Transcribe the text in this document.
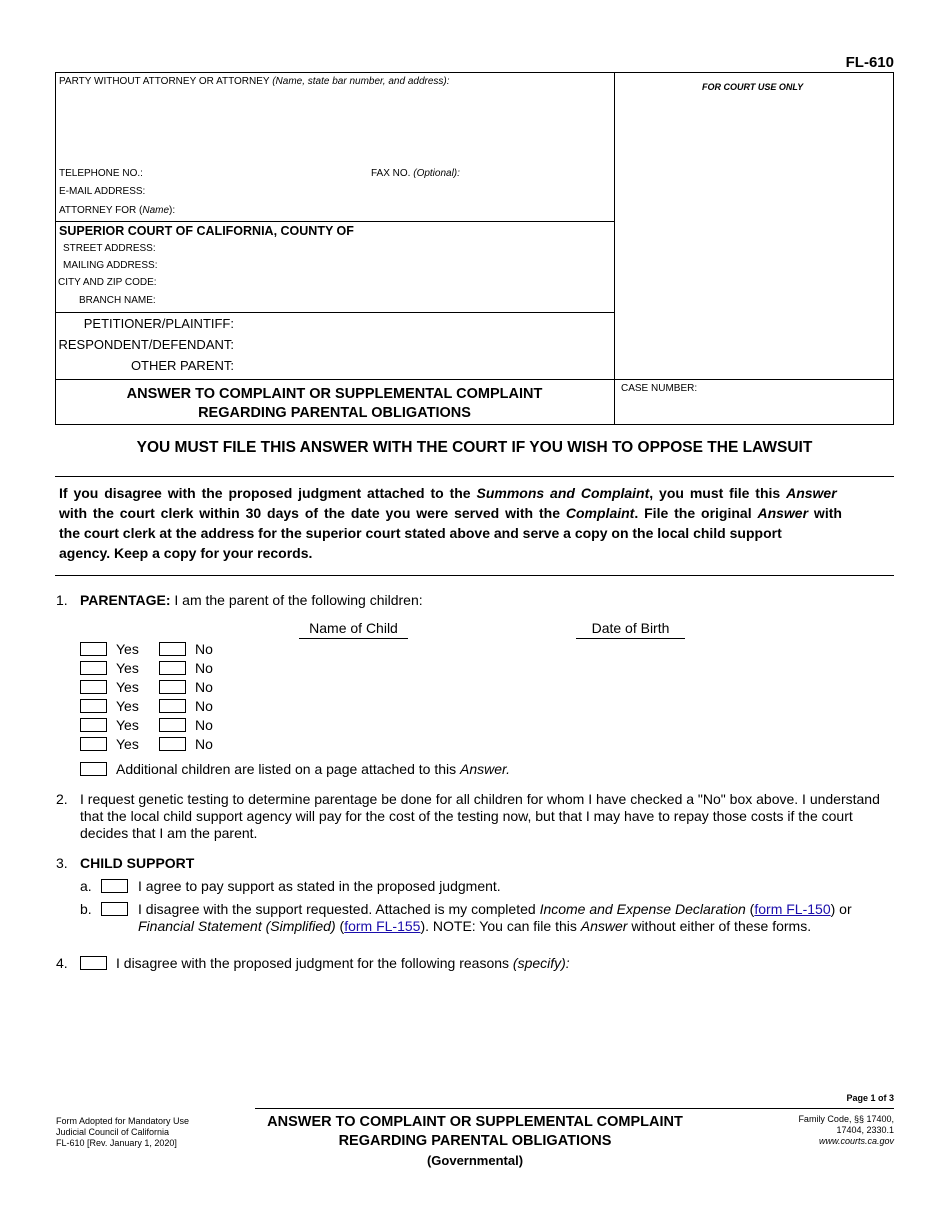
FL-610
PARTY WITHOUT ATTORNEY OR ATTORNEY (Name, state bar number, and address):	FOR COURT USE ONLY
TELEPHONE NO.:	FAX NO. (Optional):
E-MAIL ADDRESS:
ATTORNEY FOR (Name):
SUPERIOR COURT OF CALIFORNIA, COUNTY OF
STREET ADDRESS:
MAILING ADDRESS:
CITY AND ZIP CODE:
BRANCH NAME:
PETITIONER/PLAINTIFF:
RESPONDENT/DEFENDANT:
OTHER PARENT:
ANSWER TO COMPLAINT OR SUPPLEMENTAL COMPLAINT
REGARDING PARENTAL OBLIGATIONS
CASE NUMBER:
YOU MUST FILE THIS ANSWER WITH THE COURT IF YOU WISH TO OPPOSE THE LAWSUIT
If you disagree with the proposed judgment attached to the Summons and Complaint, you must file this Answer
with the court clerk within 30 days of the date you were served with the Complaint. File the original Answer with
the court clerk at the address for the superior court stated above and serve a copy on the local child support
agency. Keep a copy for your records.
1. PARENTAGE: I am the parent of the following children:
Name of Child	Date of Birth
Yes	No
Yes	No
Yes	No
Yes	No
Yes	No
Yes	No
Additional children are listed on a page attached to this Answer.
2. I request genetic testing to determine parentage be done for all children for whom I have checked a "No" box above. I understand
that the local child support agency will pay for the cost of the testing now, but that I may have to repay those costs if the court
decides that I am the parent.
3. CHILD SUPPORT
a.	I agree to pay support as stated in the proposed judgment.
b.	I disagree with the support requested. Attached is my completed Income and Expense Declaration (form FL-150) or
Financial Statement (Simplified) (form FL-155). NOTE: You can file this Answer without either of these forms.
4.	I disagree with the proposed judgment for the following reasons (specify):
Page 1 of 3
Form Adopted for Mandatory Use
Judicial Council of California
FL-610 [Rev. January 1, 2020]
ANSWER TO COMPLAINT OR SUPPLEMENTAL COMPLAINT
REGARDING PARENTAL OBLIGATIONS
(Governmental)
Family Code, §§ 17400,
17404, 2330.1
www.courts.ca.gov
